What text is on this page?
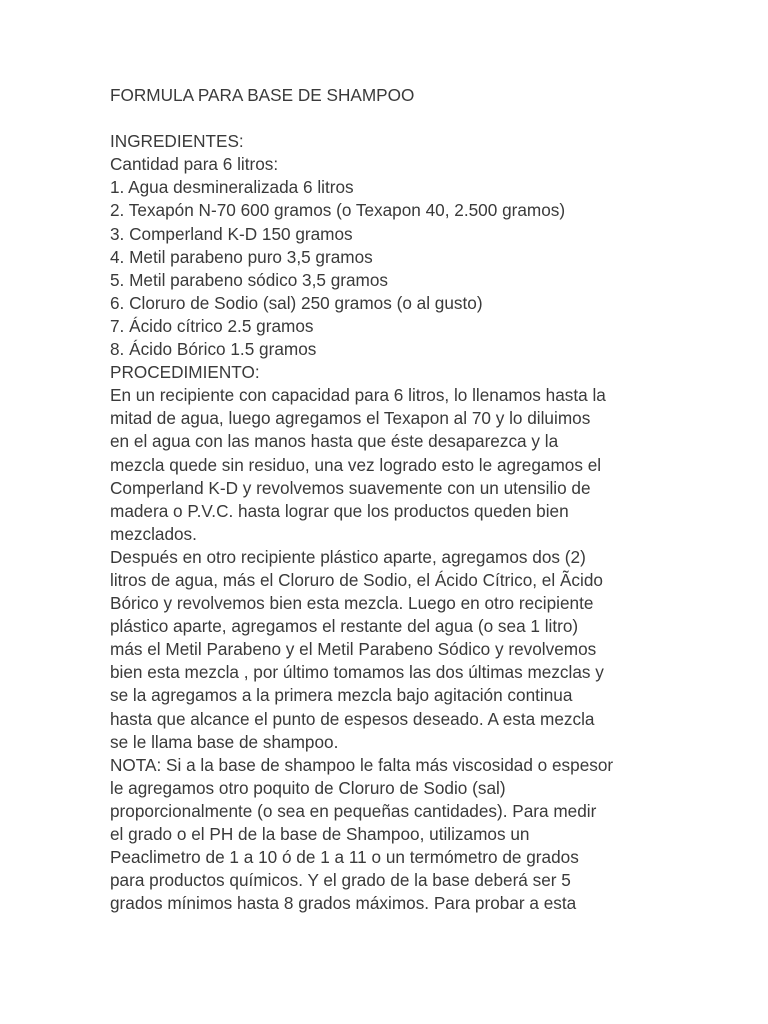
FORMULA PARA BASE DE SHAMPOO
INGREDIENTES:
Cantidad para 6 litros:
1. Agua desmineralizada 6 litros
2. Texapón N-70 600 gramos (o Texapon 40, 2.500 gramos)
3. Comperland K-D 150 gramos
4. Metil parabeno puro 3,5 gramos
5. Metil parabeno sódico 3,5 gramos
6. Cloruro de Sodio (sal) 250 gramos (o al gusto)
7. Ácido cítrico 2.5 gramos
8. Ácido Bórico 1.5 gramos
PROCEDIMIENTO:
En un recipiente con capacidad para 6 litros, lo llenamos hasta la
mitad de agua, luego agregamos el Texapon al 70 y lo diluimos
en el agua con las manos hasta que éste desaparezca y la
mezcla quede sin residuo, una vez logrado esto le agregamos el
Comperland K-D y revolvemos suavemente con un utensilio de
madera o P.V.C. hasta lograr que los productos queden bien
mezclados.
Después en otro recipiente plástico aparte, agregamos dos (2)
litros de agua, más el Cloruro de Sodio, el Ácido Cítrico, el Ãcido
Bórico y revolvemos bien esta mezcla. Luego en otro recipiente
plástico aparte, agregamos el restante del agua (o sea 1 litro)
más el Metil Parabeno y el Metil Parabeno Sódico y revolvemos
bien esta mezcla , por último tomamos las dos últimas mezclas y
se la agregamos a la primera mezcla bajo agitación continua
hasta que alcance el punto de espesos deseado. A esta mezcla
se le llama base de shampoo.
NOTA: Si a la base de shampoo le falta más viscosidad o espesor
le agregamos otro poquito de Cloruro de Sodio (sal)
proporcionalmente (o sea en pequeñas cantidades). Para medir
el grado o el PH de la base de Shampoo, utilizamos un
Peaclimetro de 1 a 10 ó de 1 a 11 o un termómetro de grados
para productos químicos. Y el grado de la base deberá ser 5
grados mínimos hasta 8 grados máximos. Para probar a esta
